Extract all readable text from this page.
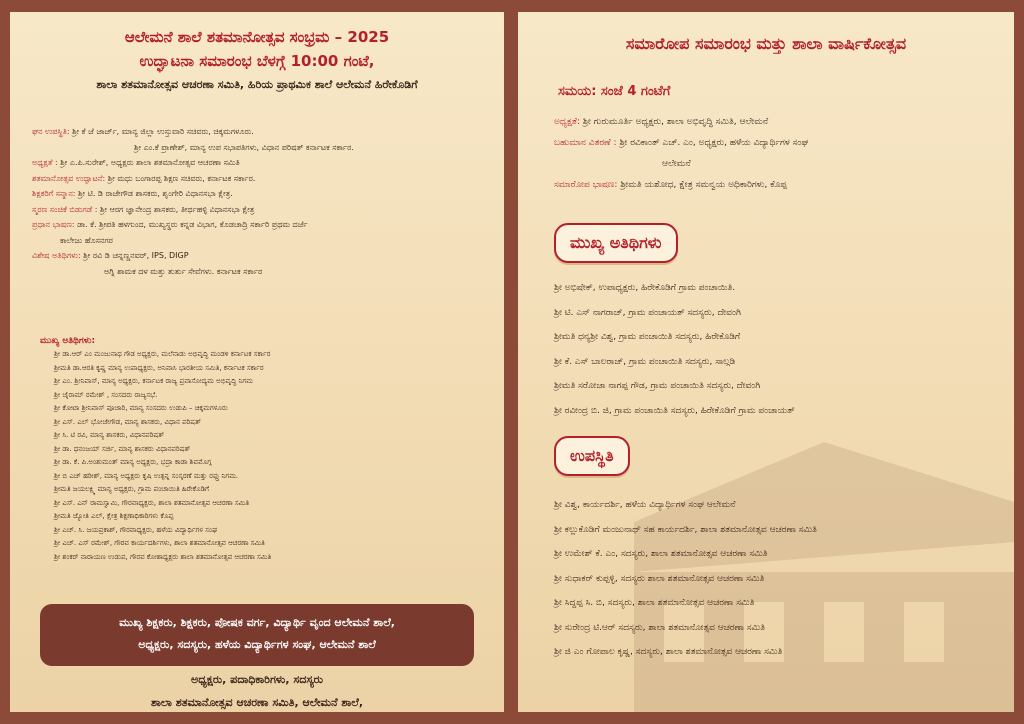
ಆಲೇಮನೆ ಶಾಲೆ ಶತಮಾನೋತ್ಸವ ಸಂಭ್ರಮ – 2025
ಉದ್ಘಾಟನಾ ಸಮಾರಂಭ ಬೆಳಗ್ಗೆ 10:00 ಗಂಟೆ,
ಶಾಲಾ ಶತಮಾನೋತ್ಸವ ಆಚರಣಾ ಸಮಿತಿ, ಹಿರಿಯ ಪ್ರಾಥಮಿಕ ಶಾಲೆ ಆಲೇಮನೆ ಹಿರೇಕೊಡಿಗೆ
ಘನ ಉಪಸ್ಥಿತಿ: ಶ್ರೀ ಕೆ ಜೆ ಜಾರ್ಜ್, ಮಾನ್ಯ ಜಿಲ್ಲಾ ಉಸ್ತುವಾರಿ ಸಚಿವರು, ಚಿಕ್ಕಮಗಳೂರು.
ಶ್ರೀ ಎಂ.ಕೆ ಪ್ರಾಣೇಶ್, ಮಾನ್ಯ ಉಪ ಸಭಾಪತಿಗಳು, ವಿಧಾನ ಪರಿಷತ್ ಕರ್ನಾಟಕ ಸರ್ಕಾರ.
ಅಧ್ಯಕ್ಷತೆ : ಶ್ರೀ ಎ.ಪಿ.ಸುರೇಶ್, ಅಧ್ಯಕ್ಷರು ಶಾಲಾ ಶತಮಾನೋತ್ಸವ ಆಚರಣಾ ಸಮಿತಿ
ಶತಮಾನೋತ್ಸವ ಉದ್ಘಾಟನೆ: ಶ್ರೀ ಮಧು ಬಂಗಾರಪ್ಪ ಶಿಕ್ಷಣ ಸಚಿವರು, ಕರ್ನಾಟಕ ಸರ್ಕಾರ.
ಶಿಕ್ಷಕರಿಗೆ ಸನ್ಮಾನ: ಶ್ರೀ ಟಿ. ಡಿ ರಾಜೇಗೌಡ ಶಾಸಕರು, ಶೃಂಗೇರಿ ವಿಧಾನಸಭಾ ಕ್ಷೇತ್ರ.
ಸ್ಮರಣ ಸಂಚಿಕೆ ಬಿಡುಗಡೆ : ಶ್ರೀ ಆರಗ ಜ್ಞಾನೇಂದ್ರ ಶಾಸಕರು, ತೀರ್ಥಹಳ್ಳಿ ವಿಧಾನಸಭಾ ಕ್ಷೇತ್ರ
ಪ್ರಧಾನ ಭಾಷಣ: ಡಾ. ಕೆ. ಶ್ರೀಪತಿ ಹಳಗುಂದ, ಮುಖ್ಯಸ್ಥರು ಕನ್ನಡ ವಿಭಾಗ, ಕೊಡಚಾದ್ರಿ ಸರ್ಕಾರಿ ಪ್ರಥಮ ದರ್ಜೆ
ಕಾಲೇಜು ಹೊಸನಗರ
ವಿಶೇಷ ಅತಿಥಿಗಳು: ಶ್ರೀ ರವಿ ಡಿ ಚನ್ನಣ್ಣನವರ್, IPS, DIGP
ಅಗ್ನಿ ಶಾಮಕ ದಳ ಮತ್ತು ತುರ್ತು ಸೇವೆಗಳು. ಕರ್ನಾಟಕ ಸರ್ಕಾರ
ಮುಖ್ಯ ಅತಿಥಿಗಳು:
ಶ್ರೀ ಡಾ.ಆರ್ ಎಂ ಮಂಜುನಾಥ ಗೌಡ ಅಧ್ಯಕ್ಷರು, ಮಲೆನಾಡು ಅಭಿವೃದ್ಧಿ ಮಂಡಳಿ ಕರ್ನಾಟಕ ಸರ್ಕಾರ
ಶ್ರೀಮತಿ ಡಾ.ಆರತಿ ಕೃಷ್ಣ ಮಾನ್ಯ ಉಪಾಧ್ಯಕ್ಷರು, ಅನಿವಾಸಿ ಭಾರತೀಯ ಸಮಿತಿ, ಕರ್ನಾಟಕ ಸರ್ಕಾರ
ಶ್ರೀ ಎಂ. ಶ್ರೀನಿವಾಸ್, ಮಾನ್ಯ ಅಧ್ಯಕ್ಷರು, ಕರ್ನಾಟಕ ರಾಜ್ಯ ಪ್ರವಾಸೋದ್ಯಮ ಅಭಿವೃದ್ಧಿ ನಿಗಮ
ಶ್ರೀ ಜೈರಾಮ್ ರಮೇಶ್ , ಸಂಸದರು ರಾಜ್ಯಸಭೆ.
ಶ್ರೀ ಕೋಟಾ ಶ್ರೀನಿವಾಸ್ ಪೂಜಾರಿ, ಮಾನ್ಯ ಸಂಸದರು ಉಡುಪಿ – ಚಿಕ್ಕಮಗಳೂರು
ಶ್ರೀ ಎಸ್. ಎಲ್ ಭೋಜೇಗೌಡ, ಮಾನ್ಯ ಶಾಸಕರು, ವಿಧಾನ ಪರಿಷತ್
ಶ್ರೀ ಸಿ. ಟಿ ರವಿ, ಮಾನ್ಯ ಶಾಸಕರು, ವಿಧಾನಪರಿಷತ್
ಶ್ರೀ ಡಾ. ಧನಂಜಯ್ ಸರ್ಜಿ, ಮಾನ್ಯ ಶಾಸಕರು ವಿಧಾನಪರಿಷತ್
ಶ್ರೀ ಡಾ. ಕೆ. ಪಿ.ಅಂಶುಮಂತ್ ಮಾನ್ಯ ಅಧ್ಯಕ್ಷರು, ಭದ್ರಾ ಕಾಡಾ ಶಿವಮೊಗ್ಗ
ಶ್ರೀ ಬಿ ಎಚ್ ಹರೀಶ್, ಮಾನ್ಯ ಅಧ್ಯಕ್ಷರು ಕೃಷಿ ಉತ್ಪನ್ನ ಸಂಸ್ಕರಣೆ ಮತ್ತು ರಫ್ತು ನಿಗಮ.
ಶ್ರೀಮತಿ ಜಯಲಕ್ಷ್ಮಿ ಮಾನ್ಯ ಅಧ್ಯಕ್ಷರು, ಗ್ರಾಮ ಪಂಚಾಯಿತಿ ಹಿರೇಕೊಡಿಗೆ
ಶ್ರೀ ಎಸ್. ಎನ್ ರಾಮಸ್ವಾಮಿ, ಗೌರವಾಧ್ಯಕ್ಷರು, ಶಾಲಾ ಶತಮಾನೋತ್ಸವ ಆಚರಣಾ ಸಮಿತಿ
ಶ್ರೀಮತಿ ಜ್ಯೋತಿ ಎಲ್, ಕ್ಷೇತ್ರ ಶಿಕ್ಷಣಾಧಿಕಾರಿಗಳು ಕೊಪ್ಪ
ಶ್ರೀ ಎಚ್. ಸಿ. ಜಯಪ್ರಕಾಶ್, ಗೌರವಾಧ್ಯಕ್ಷರು, ಹಳೆಯ ವಿದ್ಯಾರ್ಥಿಗಳ ಸಂಘ
ಶ್ರೀ ಎಚ್. ಎಸ್ ರಮೇಶ್, ಗೌರವ ಕಾರ್ಯದರ್ಶಿಗಳು, ಶಾಲಾ ಶತಮಾನೋತ್ಸವ ಆಚರಣಾ ಸಮಿತಿ
ಶ್ರೀ ಶಂಕರ್ ನಾರಾಯಣ ಉಡುಪ, ಗೌರವ ಕೋಶಾಧ್ಯಕ್ಷರು ಶಾಲಾ ಶತಮಾನೋತ್ಸವ ಆಚರಣಾ ಸಮಿತಿ
ಮುಖ್ಯ ಶಿಕ್ಷಕರು, ಶಿಕ್ಷಕರು, ಪೋಷಕ ವರ್ಗ, ವಿದ್ಯಾರ್ಥಿ ವೃಂದ ಆಲೇಮನೆ ಶಾಲೆ,
ಅಧ್ಯಕ್ಷರು, ಸದಸ್ಯರು, ಹಳೆಯ ವಿದ್ಯಾರ್ಥಿಗಳ ಸಂಘ, ಆಲೇಮನೆ ಶಾಲೆ
ಅಧ್ಯಕ್ಷರು, ಪದಾಧಿಕಾರಿಗಳು, ಸದಸ್ಯರು
ಶಾಲಾ ಶತಮಾನೋತ್ಸವ ಆಚರಣಾ ಸಮಿತಿ, ಆಲೇಮನೆ ಶಾಲೆ,
ಸಮಾರೋಪ ಸಮಾರಂಭ ಮತ್ತು ಶಾಲಾ ವಾರ್ಷಿಕೋತ್ಸವ
ಸಮಯ: ಸಂಜೆ 4 ಗಂಟೆಗೆ
ಅಧ್ಯಕ್ಷತೆ: ಶ್ರೀ ಗುರುಮೂರ್ತಿ ಅಧ್ಯಕ್ಷರು, ಶಾಲಾ ಅಭಿವೃದ್ಧಿ ಸಮಿತಿ, ಆಲೇಮನೆ
ಬಹುಮಾನ ವಿತರಣೆ : ಶ್ರೀ ರವಿಕಾಂತ್ ಎಚ್. ಎಂ, ಅಧ್ಯಕ್ಷರು, ಹಳೆಯ ವಿದ್ಯಾರ್ಥಿಗಳ ಸಂಘ
ಆಲೇಮನೆ
ಸಮಾರೋಪ ಭಾಷಣ: ಶ್ರೀಮತಿ ಯಶೋಧ, ಕ್ಷೇತ್ರ ಸಮನ್ವಯ ಅಧಿಕಾರಿಗಳು, ಕೊಪ್ಪ
ಮುಖ್ಯ ಅತಿಥಿಗಳು
ಶ್ರೀ ಅಭಿಷೇಕ್, ಉಪಾಧ್ಯಕ್ಷರು, ಹಿರೇಕೊಡಿಗೆ ಗ್ರಾಮ ಪಂಚಾಯಿತಿ.
ಶ್ರೀ ಟಿ. ಎಸ್ ನಾಗರಾಜ್, ಗ್ರಾಮ ಪಂಚಾಯತ್ ಸದಸ್ಯರು, ದೇವಂಗಿ
ಶ್ರೀಮತಿ ಧನ್ಯಶ್ರೀ ವಿಶ್ವ, ಗ್ರಾಮ ಪಂಚಾಯಿತಿ ಸದಸ್ಯರು, ಹಿರೇಕೊಡಿಗೆ
ಶ್ರೀ ಕೆ. ಎಸ್ ಬಾಲರಾಜ್, ಗ್ರಾಮ ಪಂಚಾಯಿತಿ ಸದಸ್ಯರು, ಸಾಲ್ಗಡಿ
ಶ್ರೀಮತಿ ಸರೋಜಾ ನಾಗಪ್ಪ ಗೌಡ, ಗ್ರಾಮ ಪಂಚಾಯಿತಿ ಸದಸ್ಯರು, ದೇವಂಗಿ
ಶ್ರೀ ರವೀಂದ್ರ ಬಿ. ಜಿ, ಗ್ರಾಮ ಪಂಚಾಯಿತಿ ಸದಸ್ಯರು, ಹಿರೇಕೊಡಿಗೆ ಗ್ರಾಮ ಪಂಚಾಯತ್
ಉಪಸ್ಥಿತಿ
ಶ್ರೀ ವಿಶ್ವ, ಕಾರ್ಯದರ್ಶಿ, ಹಳೆಯ ವಿದ್ಯಾರ್ಥಿಗಳ ಸಂಘ ಆಲೇಮನೆ
ಶ್ರೀ ಕಲ್ಲುಕೊಡಿಗೆ ಮಂಜುನಾಥ್ ಸಹ ಕಾರ್ಯದರ್ಶಿ, ಶಾಲಾ ಶತಮಾನೋತ್ಸವ ಆಚರಣಾ ಸಮಿತಿ
ಶ್ರೀ ಉಮೇಶ್ ಕೆ. ಎಂ, ಸದಸ್ಯರು, ಶಾಲಾ ಶತಮಾನೋತ್ಸವ ಆಚರಣಾ ಸಮಿತಿ
ಶ್ರೀ ಸುಧಾಕರ್ ಕುಪ್ಪಳ್ಳಿ, ಸದಸ್ಯರು ಶಾಲಾ ಶತಮಾನೋತ್ಸವ ಆಚರಣಾ ಸಮಿತಿ
ಶ್ರೀ ಸಿದ್ದಪ್ಪ ಸಿ. ಬಿ, ಸದಸ್ಯರು, ಶಾಲಾ ಶತಮಾನೋತ್ಸವ ಆಚರಣಾ ಸಮಿತಿ
ಶ್ರೀ ಸುರೇಂದ್ರ ಟಿ.ಆರ್ ಸದಸ್ಯರು, ಶಾಲಾ ಶತಮಾನೋತ್ಸವ ಆಚರಣಾ ಸಮಿತಿ
ಶ್ರೀ ಜಿ ಎಂ ಗೋಪಾಲ ಕೃಷ್ಣ, ಸದಸ್ಯರು, ಶಾಲಾ ಶತಮಾನೋತ್ಸವ ಆಚರಣಾ ಸಮಿತಿ
